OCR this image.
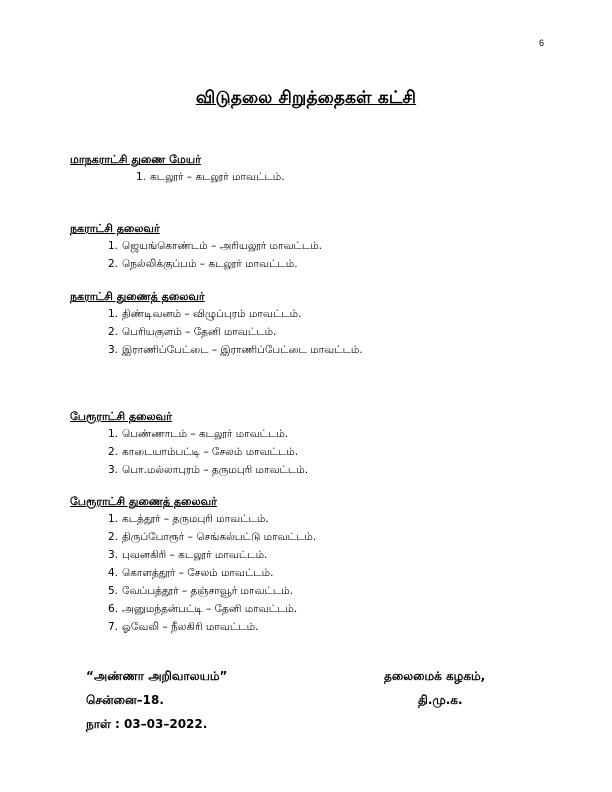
6
விடுதலை சிறுத்தைகள் கட்சி
மாநகராட்சி துணை மேயர்
1. கடலூர் – கடலூர் மாவட்டம்.
நகராட்சி தலைவர்
1. ஜெயங்கொண்டம் – அரியலூர் மாவட்டம்.
2. நெல்லிக்குப்பம் – கடலூர் மாவட்டம்.
நகராட்சி துணைத் தலைவர்
1. திண்டிவனம் – விழுப்புரம் மாவட்டம்.
2. பெரியகுளம் – தேனி மாவட்டம்.
3. இராணிப்பேட்டை – இராணிப்பேட்டை மாவட்டம்.
பேரூராட்சி தலைவர்
1. பெண்ணாடம் – கடலூர் மாவட்டம்.
2. காடையாம்பட்டி – சேலம் மாவட்டம்.
3. பொ.மல்லாபுரம் – தருமபுரி மாவட்டம்.
பேரூராட்சி துணைத் தலைவர்
1. கடத்தூர் – தருமபுரி மாவட்டம்.
2. திருப்போரூர் – செங்கல்பட்டு மாவட்டம்.
3. புவனகிரி – கடலூர் மாவட்டம்.
4. கொளத்தூர் – சேலம் மாவட்டம்.
5. வேப்பத்தூர் – தஞ்சாவூர் மாவட்டம்.
6. அனுமந்தன்பட்டி – தேனி மாவட்டம்.
7. ஓவேலி – நீலகிரி மாவட்டம்.
“அண்ணா அறிவாலயம்”
சென்னை–18.
நாள் : 03–03–2022.
தலைமைக் கழகம்,
தி.மு.க.
